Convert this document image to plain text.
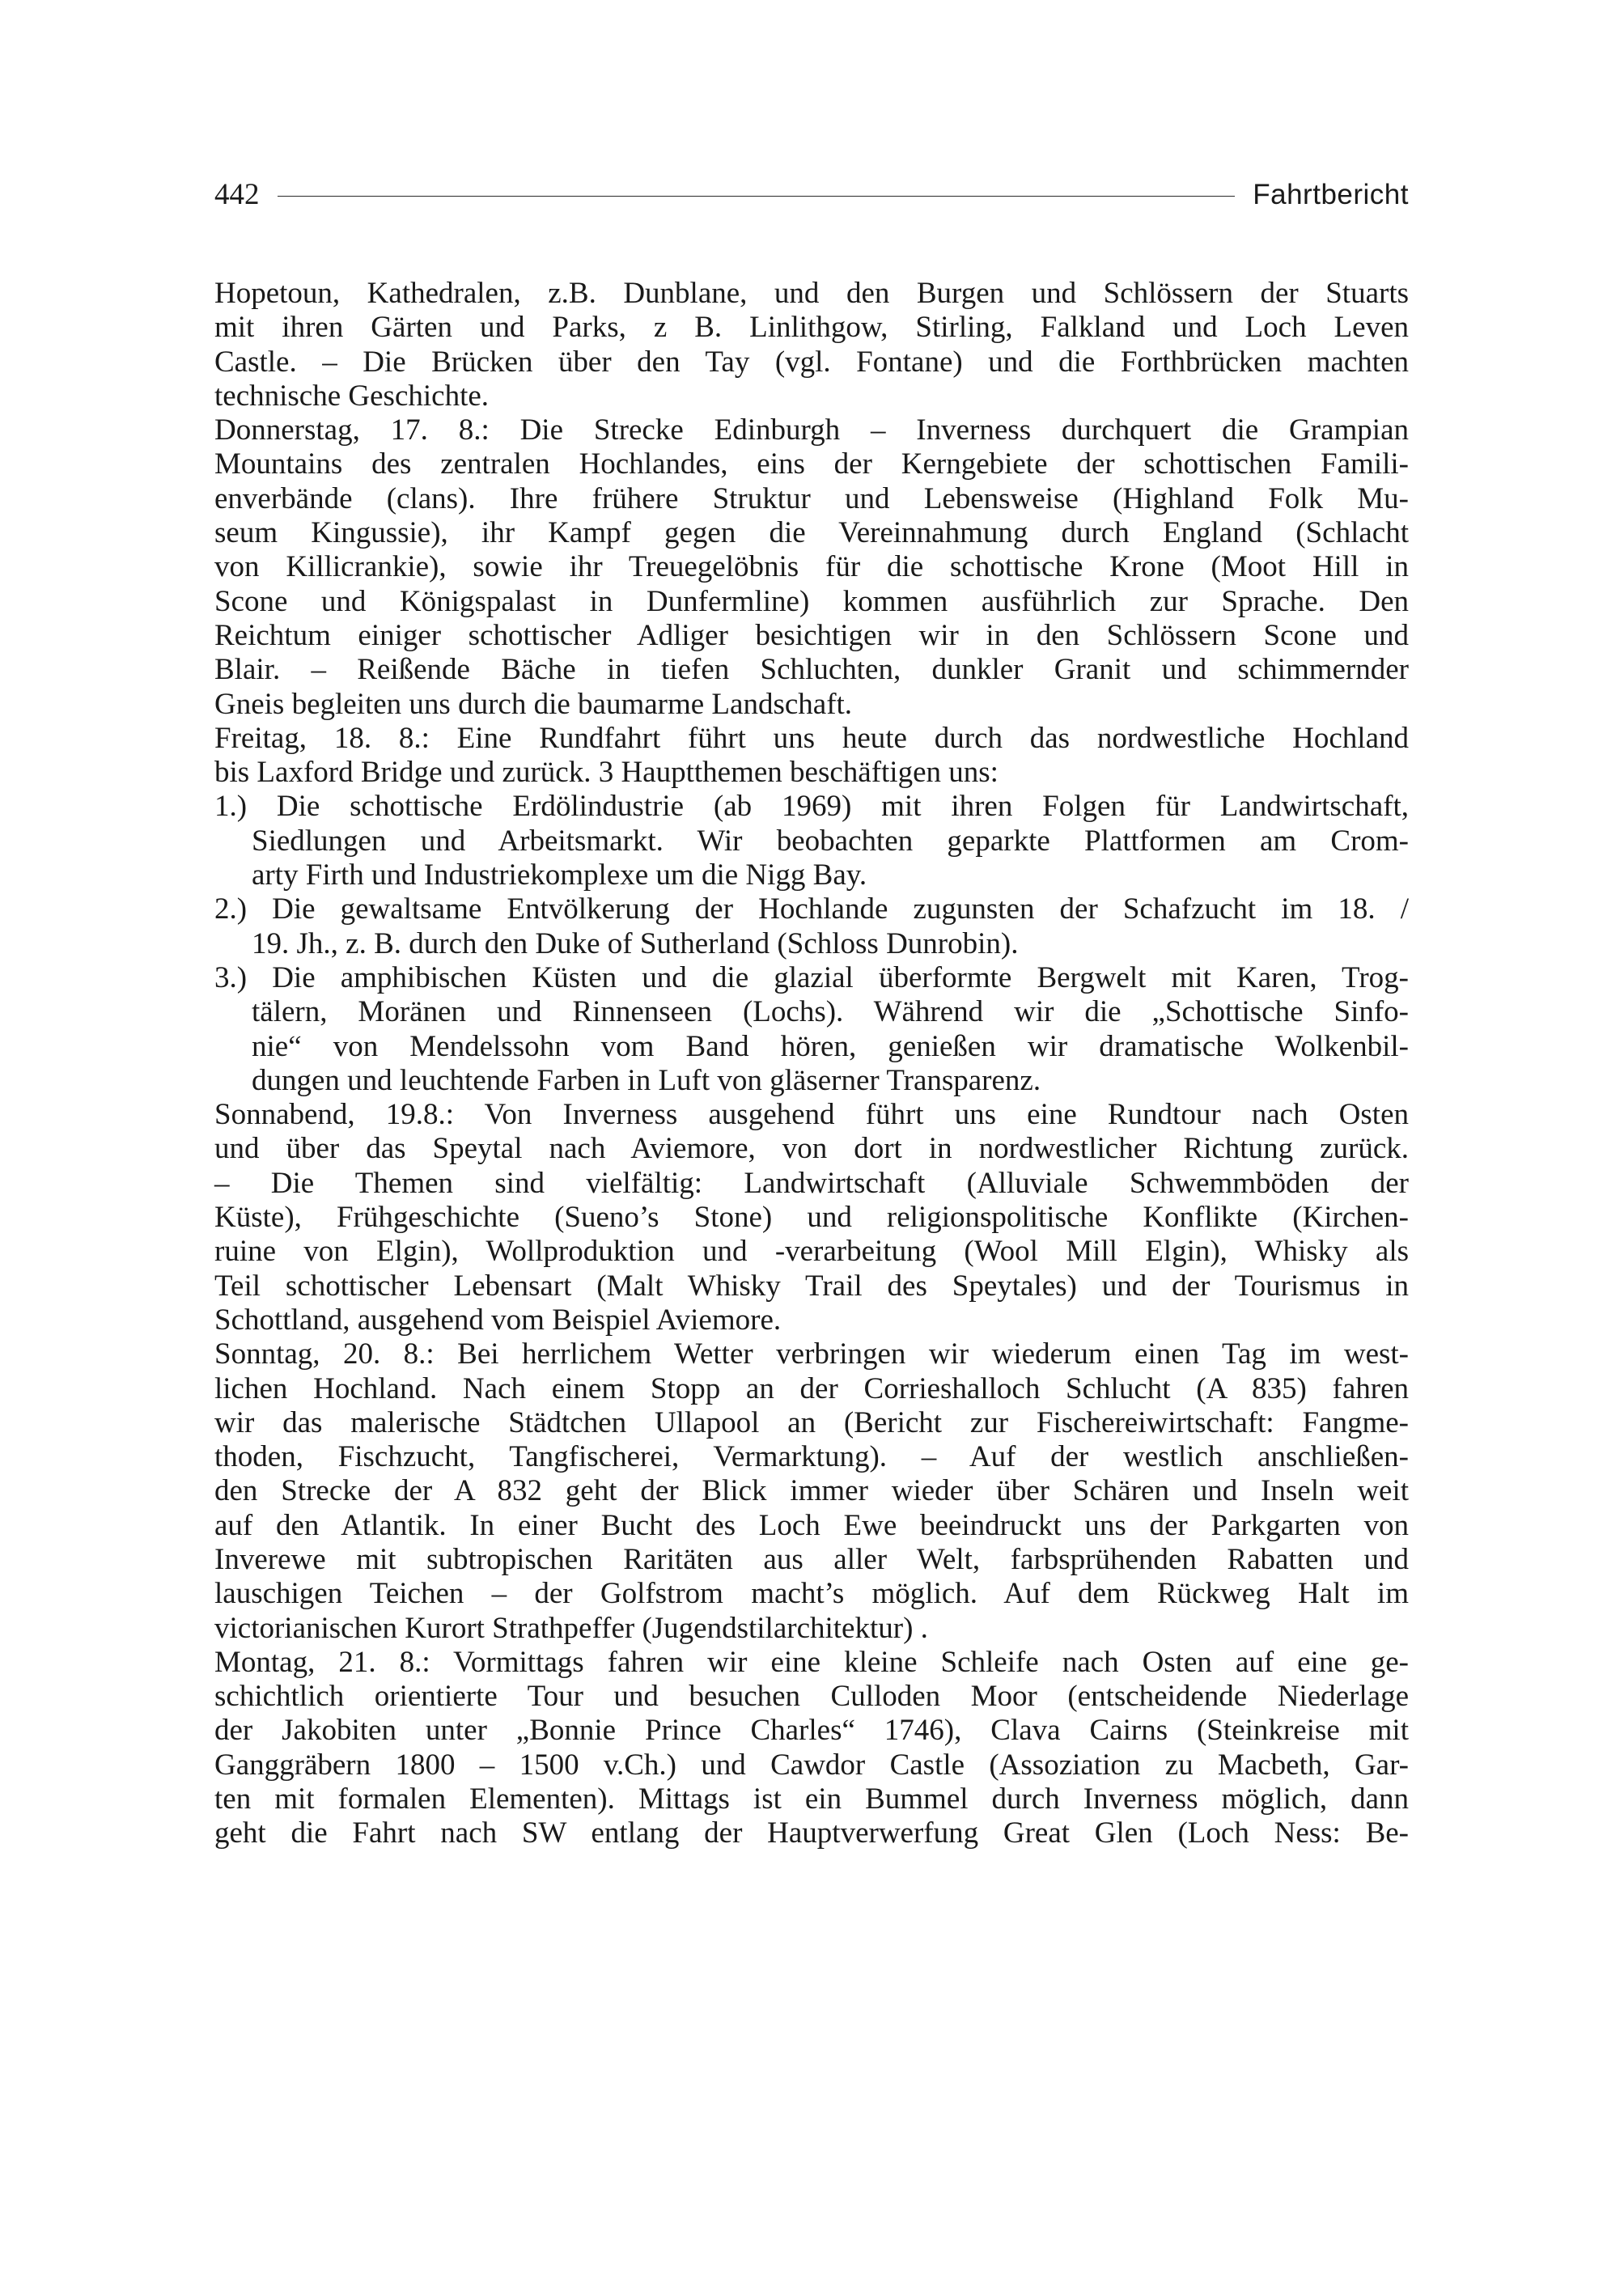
442	Fahrtbericht
Hopetoun, Kathedralen, z.B. Dunblane, und den Burgen und Schlössern der Stuarts
mit ihren Gärten und Parks, z B. Linlithgow, Stirling, Falkland und Loch Leven
Castle. – Die Brücken über den Tay (vgl. Fontane) und die Forthbrücken machten
technische Geschichte.
Donnerstag, 17. 8.: Die Strecke Edinburgh – Inverness durchquert die Grampian
Mountains des zentralen Hochlandes, eins der Kerngebiete der schottischen Famili-
enverbände (clans). Ihre frühere Struktur und Lebensweise (Highland Folk Mu-
seum Kingussie), ihr Kampf gegen die Vereinnahmung durch England (Schlacht
von Killicrankie), sowie ihr Treuegelöbnis für die schottische Krone (Moot Hill in
Scone und Königspalast in Dunfermline) kommen ausführlich zur Sprache. Den
Reichtum einiger schottischer Adliger besichtigen wir in den Schlössern Scone und
Blair. – Reißende Bäche in tiefen Schluchten, dunkler Granit und schimmernder
Gneis begleiten uns durch die baumarme Landschaft.
Freitag, 18. 8.: Eine Rundfahrt führt uns heute durch das nordwestliche Hochland
bis Laxford Bridge und zurück. 3 Hauptthemen beschäftigen uns:
1.) Die schottische Erdölindustrie (ab 1969) mit ihren Folgen für Landwirtschaft,
Siedlungen und Arbeitsmarkt. Wir beobachten geparkte Plattformen am Crom-
arty Firth und Industriekomplexe um die Nigg Bay.
2.) Die gewaltsame Entvölkerung der Hochlande zugunsten der Schafzucht im 18. /
19. Jh., z. B. durch den Duke of Sutherland (Schloss Dunrobin).
3.) Die amphibischen Küsten und die glazial überformte Bergwelt mit Karen, Trog-
tälern, Moränen und Rinnenseen (Lochs). Während wir die „Schottische Sinfo-
nie“ von Mendelssohn vom Band hören, genießen wir dramatische Wolkenbil-
dungen und leuchtende Farben in Luft von gläserner Transparenz.
Sonnabend, 19.8.: Von Inverness ausgehend führt uns eine Rundtour nach Osten
und über das Speytal nach Aviemore, von dort in nordwestlicher Richtung zurück.
– Die Themen sind vielfältig: Landwirtschaft (Alluviale Schwemmböden der
Küste), Frühgeschichte (Sueno’s Stone) und religionspolitische Konflikte (Kirchen-
ruine von Elgin), Wollproduktion und -verarbeitung (Wool Mill Elgin), Whisky als
Teil schottischer Lebensart (Malt Whisky Trail des Speytales) und der Tourismus in
Schottland, ausgehend vom Beispiel Aviemore.
Sonntag, 20. 8.: Bei herrlichem Wetter verbringen wir wiederum einen Tag im west-
lichen Hochland. Nach einem Stopp an der Corrieshalloch Schlucht (A 835) fahren
wir das malerische Städtchen Ullapool an (Bericht zur Fischereiwirtschaft: Fangme-
thoden, Fischzucht, Tangfischerei, Vermarktung). – Auf der westlich anschließen-
den Strecke der A 832 geht der Blick immer wieder über Schären und Inseln weit
auf den Atlantik. In einer Bucht des Loch Ewe beeindruckt uns der Parkgarten von
Inverewe mit subtropischen Raritäten aus aller Welt, farbsprühenden Rabatten und
lauschigen Teichen – der Golfstrom macht’s möglich. Auf dem Rückweg Halt im
victorianischen Kurort Strathpeffer (Jugendstilarchitektur) .
Montag, 21. 8.: Vormittags fahren wir eine kleine Schleife nach Osten auf eine ge-
schichtlich orientierte Tour und besuchen Culloden Moor (entscheidende Niederlage
der Jakobiten unter „Bonnie Prince Charles“ 1746), Clava Cairns (Steinkreise mit
Ganggräbern 1800 – 1500 v.Ch.) und Cawdor Castle (Assoziation zu Macbeth, Gar-
ten mit formalen Elementen). Mittags ist ein Bummel durch Inverness möglich, dann
geht die Fahrt nach SW entlang der Hauptverwerfung Great Glen (Loch Ness: Be-
